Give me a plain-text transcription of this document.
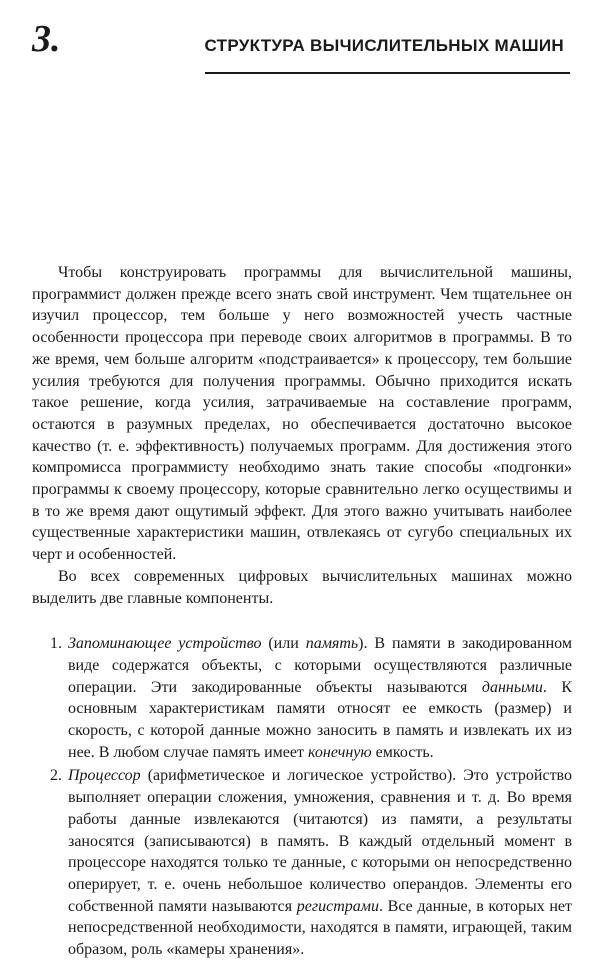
3.	СТРУКТУРА ВЫЧИСЛИТЕЛЬНЫХ МАШИН

Чтобы конструировать программы для вычислительной машины, программист должен прежде всего знать свой инструмент. Чем тщательнее он изучил процессор, тем больше у него возможностей учесть частные особенности процессора при переводе своих алгоритмов в программы. В то же время, чем больше алгоритм «подстраивается» к процессору, тем большие усилия требуются для получения программы. Обычно приходится искать такое решение, когда усилия, затрачиваемые на составление программ, остаются в разумных пределах, но обеспечивается достаточно высокое качество (т. е. эффективность) получаемых программ. Для достижения этого компромисса программисту необходимо знать такие способы «подгонки» программы к своему процессору, которые сравнительно легко осуществимы и в то же время дают ощутимый эффект. Для этого важно учитывать наиболее существенные характеристики машин, отвлекаясь от сугубо специальных их черт и особенностей.

Во всех современных цифровых вычислительных машинах можно выделить две главные компоненты.

1. Запоминающее устройство (или память). В памяти в закодированном виде содержатся объекты, с которыми осуществляются различные операции. Эти закодированные объекты называются данными. К основным характеристикам памяти относят ее емкость (размер) и скорость, с которой данные можно заносить в память и извлекать их из нее. В любом случае память имеет конечную емкость.
2. Процессор (арифметическое и логическое устройство). Это устройство выполняет операции сложения, умножения, сравнения и т. д. Во время работы данные извлекаются (читаются) из памяти, а результаты заносятся (записываются) в память. В каждый отдельный момент в процессоре находятся только те данные, с которыми он непосредственно оперирует, т. е. очень небольшое количество операндов. Элементы его собственной памяти называются регистрами. Все данные, в которых нет непосредственной необходимости, находятся в памяти, играющей, таким образом, роль «камеры хранения».
